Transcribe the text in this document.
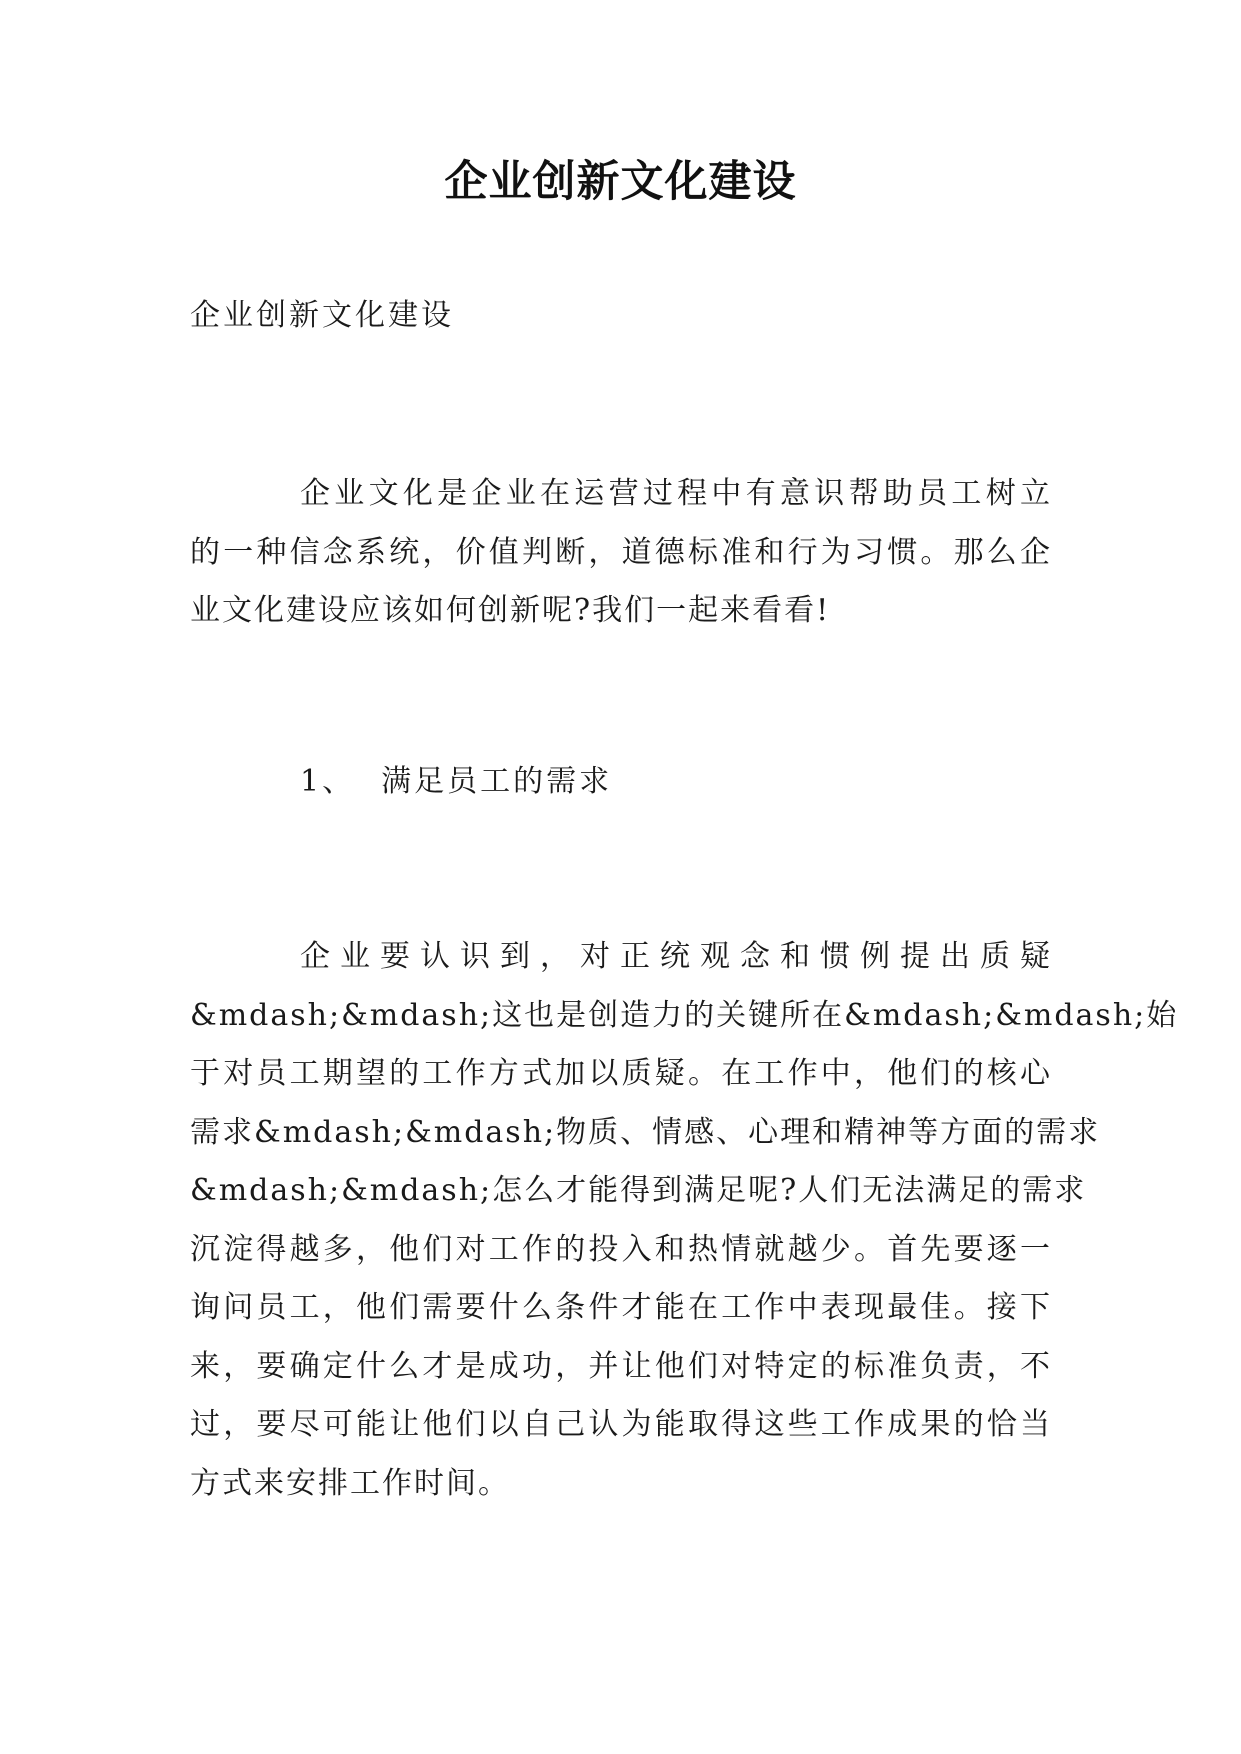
企业创新文化建设
企业创新文化建设
企业文化是企业在运营过程中有意识帮助员工树立
的一种信念系统，价值判断，道德标准和行为习惯。那么企
业文化建设应该如何创新呢?我们一起来看看!
1、 满足员工的需求
企业要认识到，对正统观念和惯例提出质疑
&mdash;&mdash;这也是创造力的关键所在&mdash;&mdash;始
于对员工期望的工作方式加以质疑。在工作中，他们的核心
需求&mdash;&mdash;物质、情感、心理和精神等方面的需求
&mdash;&mdash;怎么才能得到满足呢?人们无法满足的需求
沉淀得越多，他们对工作的投入和热情就越少。首先要逐一
询问员工，他们需要什么条件才能在工作中表现最佳。接下
来，要确定什么才是成功，并让他们对特定的标准负责，不
过，要尽可能让他们以自己认为能取得这些工作成果的恰当
方式来安排工作时间。
